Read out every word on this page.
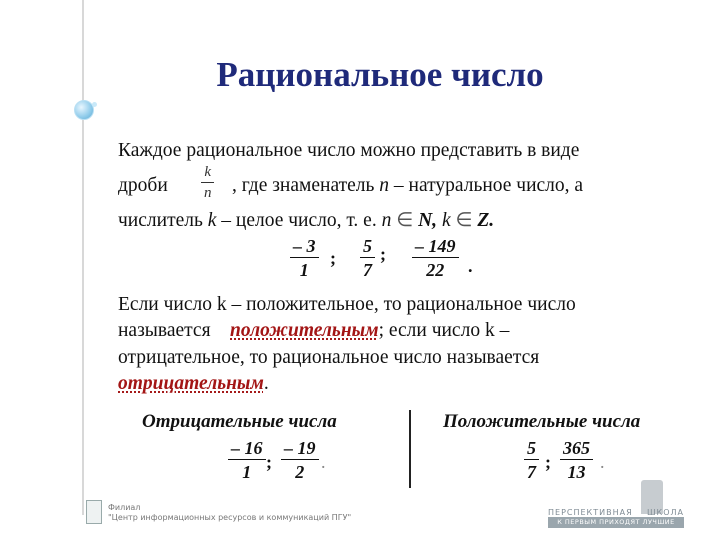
Рациональное число
Каждое рациональное число можно представить в виде
дроби $\frac{k}{n}$ , где знаменатель n – натуральное число, а
числитель k – целое число, т. е. n ∈ N, k ∈ Z.
$\frac{- 3}{1}$ ; $\frac{5}{7}$ ; $\frac{- 149}{22}$ .
Если число k – положительное, то рациональное число
называется положительным; если число k –
отрицательное, то рациональное число называется
отрицательным.
Отрицательные числа	Положительные числа
$\frac{- 16}{1}$ ; $\frac{- 19}{2}$ .	$\frac{5}{7}$ ; $\frac{365}{13}$ .
Филиал
"Центр информационных ресурсов и коммуникаций ПГУ"
ПЕРСПЕКТИВНАЯ ШКОЛА
К ПЕРВЫМ ПРИХОДЯТ ЛУЧШИЕ
